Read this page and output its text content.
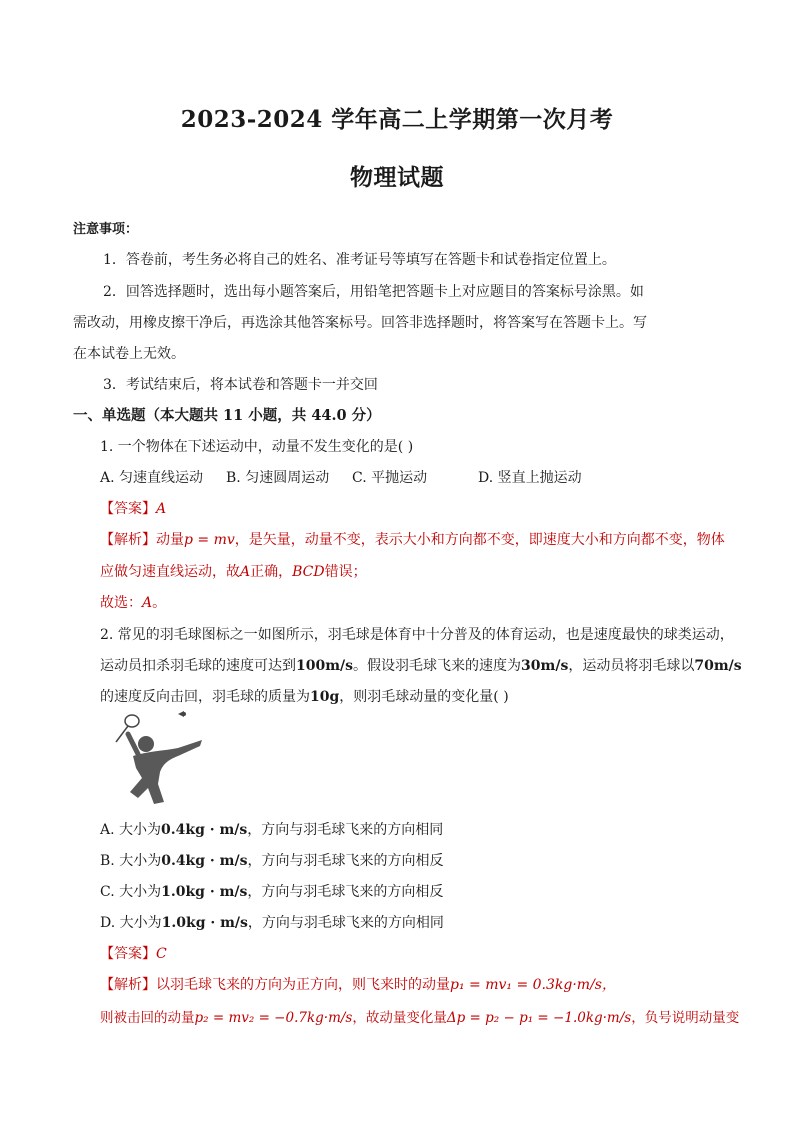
2023-2024 学年高二上学期第一次月考
物理试题
注意事项：
1．答卷前，考生务必将自己的姓名、准考证号等填写在答题卡和试卷指定位置上。
2．回答选择题时，选出每小题答案后，用铅笔把答题卡上对应题目的答案标号涂黑。如
需改动，用橡皮擦干净后，再选涂其他答案标号。回答非选择题时，将答案写在答题卡上。写
在本试卷上无效。
3．考试结束后，将本试卷和答题卡一并交回
一、单选题（本大题共 11 小题，共 44.0 分）
1. 一个物体在下述运动中，动量不发生变化的是( )
A. 匀速直线运动 B. 匀速圆周运动 C. 平抛运动	D. 竖直上抛运动
【答案】A
【解析】动量p = mv，是矢量，动量不变，表示大小和方向都不变，即速度大小和方向都不变，物体
应做匀速直线运动，故A正确，BCD错误；
故选：A。
2. 常见的羽毛球图标之一如图所示，羽毛球是体育中十分普及的体育运动，也是速度最快的球类运动，
运动员扣杀羽毛球的速度可达到100m/s。假设羽毛球飞来的速度为30m/s，运动员将羽毛球以70m/s
的速度反向击回，羽毛球的质量为10g，则羽毛球动量的变化量( )
A. 大小为0.4kg · m/s，方向与羽毛球飞来的方向相同
B. 大小为0.4kg · m/s，方向与羽毛球飞来的方向相反
C. 大小为1.0kg · m/s，方向与羽毛球飞来的方向相反
D. 大小为1.0kg · m/s，方向与羽毛球飞来的方向相同
【答案】C
【解析】以羽毛球飞来的方向为正方向，则飞来时的动量p₁ = mv₁ = 0.3kg·m/s，
则被击回的动量p₂ = mv₂ = −0.7kg·m/s，故动量变化量Δp = p₂ − p₁ = −1.0kg·m/s，负号说明动量变
